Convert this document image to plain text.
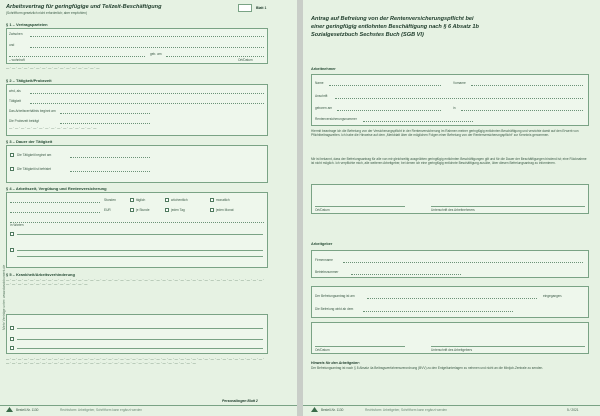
Arbeitsvertrag für geringfügige und Teilzeit-Beschäftigung
(Schriftform gesetzlich nicht erforderlich; aber empfohlen)
Blatt 1
§ 1 – Vertragsparteien
Zwischen
und
geb. am
– wohnhaft	Ort/Datum
— · — · — · — · — · — · — · — · — · — · — · — · — · — · — · —
§ 2 – Tätigkeit/Probezeit
wird, als
Tätigkeit
Das Arbeitsverhältnis beginnt am
Die Probezeit beträgt
— · — · — · — · — · — · — · — · — · — · — · — · — · — · —
§ 3 – Dauer der Tätigkeit
Die Tätigkeit beginnt am
Die Tätigkeit ist befristet
§ 4 – Arbeitszeit, Vergütung und Rentenversicherung
Stunden	täglich	wöchentlich	monatlich
EUR	je Stunde	jeden Tag	jeden Monat
in Worten
§ 5 – Krankheit/Arbeitsverhinderung
— · — · — · — · — · — · — · — · — · — · — · — · — · — · — · — · — · — · — · — · — · — · — · — · — · — · — · — · — · — · — · — · — · — · — · — · — · — · — · — · — · — · — · — · — · — · — · — · — · — · — · — · — · — · — · — · —
— · — · — · — · — · — · — · — · — · — · — · — · — · — · — · — · — · — · — · — · — · — · — · — · — · — · — · — · — · — · — · — · — · — · — · — · — · — · — · — · — · — · — · — · — · — · — · — · — · — · — · — · — · — · — · — · — · — · — · — · — · — · — · — · — · — · — · — · — · — · — · — · — · — · —
Personalbogen Blatt 2
Bestell-Nr. 1130	Rechtsform: Arbeitgeber, Schriftform kann ergänzt werden
Mehr Verträge unter: www.dasdokument.de
Antrag auf Befreiung von der Rentenversicherungspflicht bei
einer geringfügig entlohnten Beschäftigung nach § 6 Absatz 1b
Sozialgesetzbuch Sechstes Buch (SGB VI)
Arbeitnehmer
Name	Vorname
Anschrift
geboren am	in
Rentenversicherungsnummer
Hiermit beantrage ich die Befreiung von der Versicherungspflicht in der Rentenversicherung im Rahmen meiner geringfügig entlohnten Beschäftigung und verzichte damit auf den Erwerb von Pflichtbeitragszeiten. Ich habe die Hinweise auf dem „Merkblatt über die möglichen Folgen einer Befreiung von der Rentenversicherungspflicht“ zur Kenntnis genommen.
Mir ist bekannt, dass der Befreiungsantrag für alle von mir gleichzeitig ausgeübten geringfügig entlohnten Beschäftigungen gilt und für die Dauer der Beschäftigungen bindend ist; eine Rücknahme ist nicht möglich. Ich verpflichte mich, alle weiteren Arbeitgeber, bei denen ich eine geringfügig entlohnte Beschäftigung ausübe, über diesen Befreiungsantrag zu informieren.
Ort/Datum	Unterschrift des Arbeitnehmers
Arbeitgeber
Firmenname
Betriebsnummer
Der Befreiungsantrag ist am	eingegangen.
Die Befreiung wirkt ab dem
Ort/Datum	Unterschrift des Arbeitgebers
Hinweis für den Arbeitgeber:
Der Befreiungsantrag ist nach § 8 Absatz 4a Beitragsverfahrensverordnung (BVV) zu den Entgeltunterlagen zu nehmen und nicht an die Minijob-Zentrale zu senden.
Bestell-Nr. 1130	Rechtsform: Arbeitgeber, Schriftform kann ergänzt werden	5 / 2021
